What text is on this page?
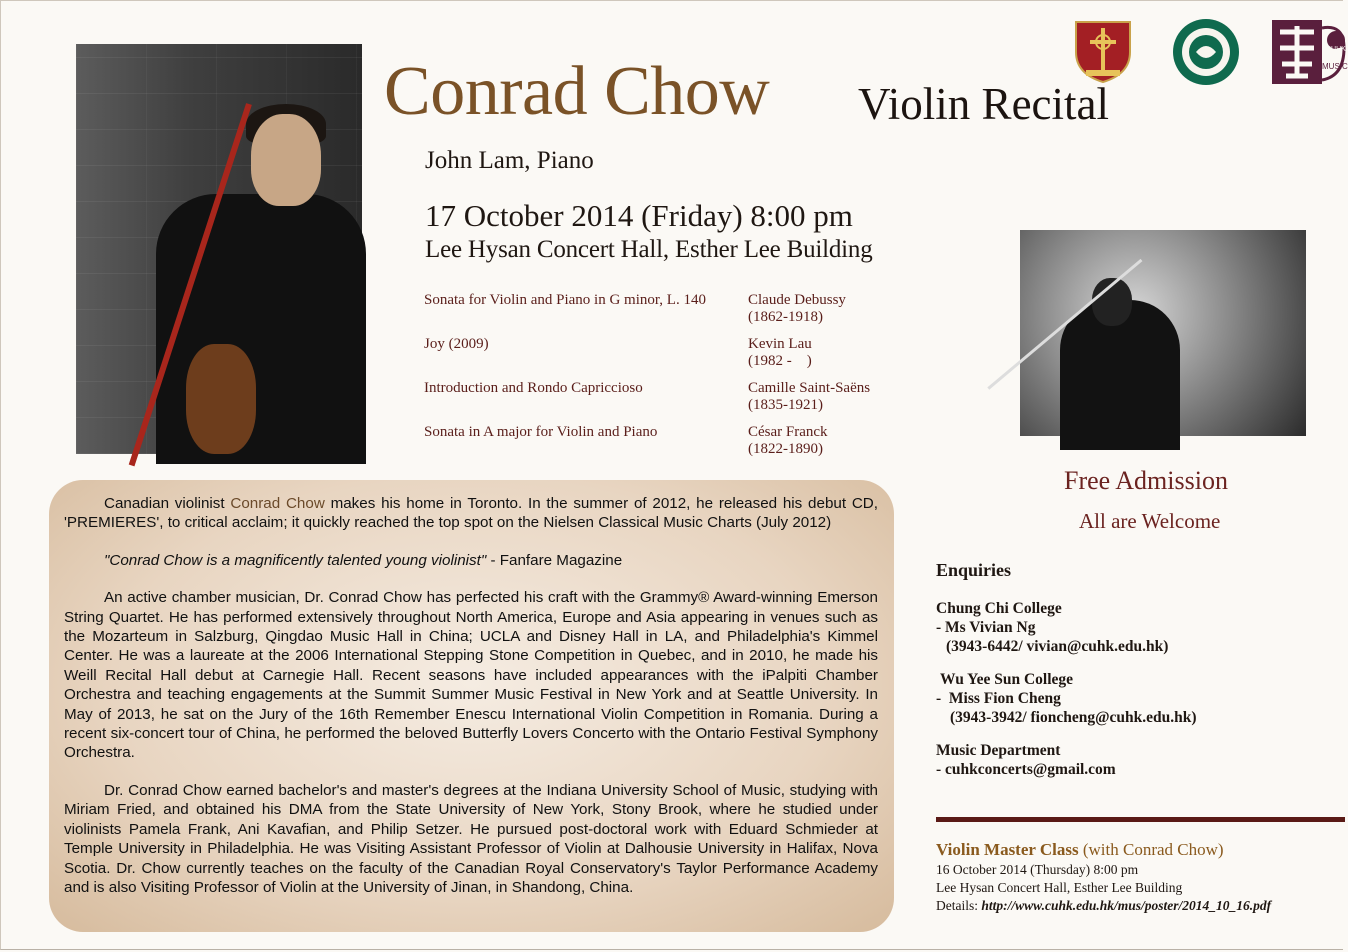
MUSIC
CUHK
Conrad Chow Violin Recital
John Lam, Piano
17 October 2014 (Friday) 8:00 pm
Lee Hysan Concert Hall, Esther Lee Building
Sonata for Violin and Piano in G minor, L. 140	Claude Debussy
(1862-1918)
Joy (2009)	Kevin Lau
(1982 -    )
Introduction and Rondo Capriccioso	Camille Saint-Saëns
(1835-1921)
Sonata in A major for Violin and Piano	César Franck
(1822-1890)

Canadian violinist Conrad Chow makes his home in Toronto. In the summer of 2012, he released his debut CD, 'PREMIERES', to critical acclaim; it quickly reached the top spot on the Nielsen Classical Music Charts (July 2012)

"Conrad Chow is a magnificently talented young violinist" - Fanfare Magazine

An active chamber musician, Dr. Conrad Chow has perfected his craft with the Grammy® Award-winning Emerson String Quartet. He has performed extensively throughout North America, Europe and Asia appearing in venues such as the Mozarteum in Salzburg, Qingdao Music Hall in China; UCLA and Disney Hall in LA, and Philadelphia's Kimmel Center. He was a laureate at the 2006 International Stepping Stone Competition in Quebec, and in 2010, he made his Weill Recital Hall debut at Carnegie Hall. Recent seasons have included appearances with the iPalpiti Chamber Orchestra and teaching engagements at the Summit Summer Music Festival in New York and at Seattle University. In May of 2013, he sat on the Jury of the 16th Remember Enescu International Violin Competition in Romania. During a recent six-concert tour of China, he performed the beloved Butterfly Lovers Concerto with the Ontario Festival Symphony Orchestra.

Dr. Conrad Chow earned bachelor's and master's degrees at the Indiana University School of Music, studying with Miriam Fried, and obtained his DMA from the State University of New York, Stony Brook, where he studied under violinists Pamela Frank, Ani Kavafian, and Philip Setzer. He pursued post-doctoral work with Eduard Schmieder at Temple University in Philadelphia. He was Visiting Assistant Professor of Violin at Dalhousie University in Halifax, Nova Scotia. Dr. Chow currently teaches on the faculty of the Canadian Royal Conservatory's Taylor Performance Academy and is also Visiting Professor of Violin at the University of Jinan, in Shandong, China.

Free Admission
All are Welcome
Enquiries
Chung Chi College
- Ms Vivian Ng
(3943-6442/ vivian@cuhk.edu.hk)
Wu Yee Sun College
-  Miss Fion Cheng
(3943-3942/ fioncheng@cuhk.edu.hk)
Music Department
- cuhkconcerts@gmail.com
Violin Master Class (with Conrad Chow)
16 October 2014 (Thursday) 8:00 pm
Lee Hysan Concert Hall, Esther Lee Building
Details: http://www.cuhk.edu.hk/mus/poster/2014_10_16.pdf
